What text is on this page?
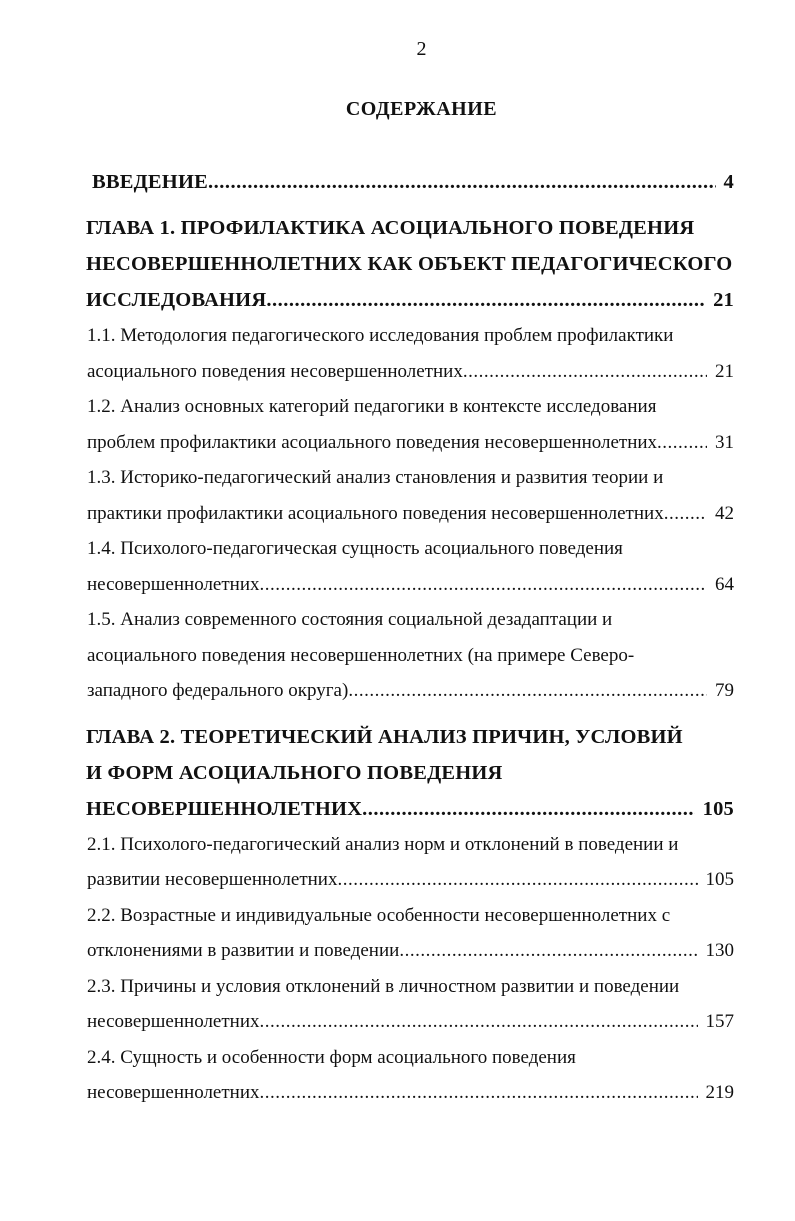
2
СОДЕРЖАНИЕ
ВВЕДЕНИЕ .....	4
ГЛАВА 1. ПРОФИЛАКТИКА АСОЦИАЛЬНОГО ПОВЕДЕНИЯ
НЕСОВЕРШЕННОЛЕТНИХ КАК ОБЪЕКТ ПЕДАГОГИЧЕСКОГО
ИССЛЕДОВАНИЯ .....	21
1.1. Методология педагогического исследования проблем профилактики
асоциального поведения несовершеннолетних .....	21
1.2. Анализ основных категорий педагогики в контексте исследования
проблем профилактики асоциального поведения несовершеннолетних .....	31
1.3. Историко-педагогический анализ становления и развития теории и
практики профилактики асоциального поведения несовершеннолетних .....	42
1.4. Психолого-педагогическая сущность асоциального поведения
несовершеннолетних .....	64
1.5. Анализ современного состояния социальной дезадаптации и
асоциального поведения несовершеннолетних (на примере Северо-
западного федерального округа) .....	79
ГЛАВА 2. ТЕОРЕТИЧЕСКИЙ АНАЛИЗ ПРИЧИН, УСЛОВИЙ
И ФОРМ АСОЦИАЛЬНОГО ПОВЕДЕНИЯ
НЕСОВЕРШЕННОЛЕТНИХ .....	105
2.1. Психолого-педагогический анализ норм и отклонений в поведении и
развитии несовершеннолетних .....	105
2.2. Возрастные и индивидуальные особенности несовершеннолетних с
отклонениями в развитии и поведении .....	130
2.3. Причины и условия отклонений в личностном развитии и поведении
несовершеннолетних .....	157
2.4. Сущность и особенности форм асоциального поведения
несовершеннолетних .....	219
